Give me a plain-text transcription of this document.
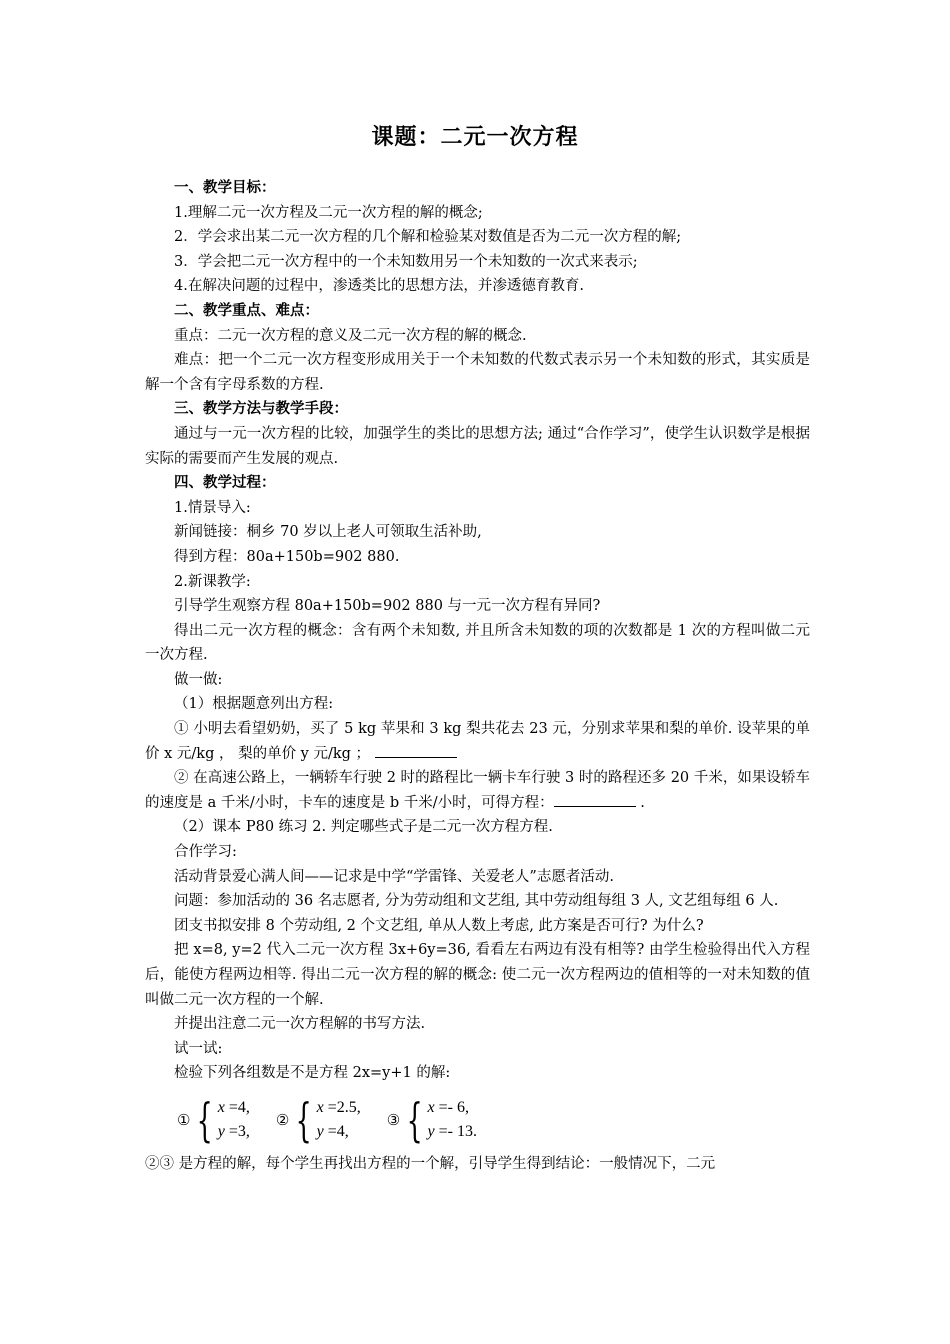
课题：二元一次方程

一、教学目标：

1.理解二元一次方程及二元一次方程的解的概念;

2．学会求出某二元一次方程的几个解和检验某对数值是否为二元一次方程的解;

3．学会把二元一次方程中的一个未知数用另一个未知数的一次式来表示;

4.在解决问题的过程中，渗透类比的思想方法，并渗透德育教育.

二、教学重点、难点：

重点：二元一次方程的意义及二元一次方程的解的概念.

难点：把一个二元一次方程变形成用关于一个未知数的代数式表示另一个未知数的形式，其实质是解一个含有字母系数的方程.

三、教学方法与教学手段：

通过与一元一次方程的比较，加强学生的类比的思想方法; 通过“合作学习”，使学生认识数学是根据实际的需要而产生发展的观点.

四、教学过程：

1.情景导入:

新闻链接：桐乡 70 岁以上老人可领取生活补助,

得到方程：80a+150b=902 880.

2.新课教学:

引导学生观察方程 80a+150b=902 880 与一元一次方程有异同?

得出二元一次方程的概念：含有两个未知数, 并且所含未知数的项的次数都是 1 次的方程叫做二元一次方程.

做一做:

（1）根据题意列出方程:

① 小明去看望奶奶，买了 5 kg 苹果和 3 kg 梨共花去 23 元，分别求苹果和梨的单价. 设苹果的单价 x 元/kg ， 梨的单价 y 元/kg ；

② 在高速公路上，一辆轿车行驶 2 时的路程比一辆卡车行驶 3 时的路程还多 20 千米，如果设轿车的速度是 a 千米/小时，卡车的速度是 b 千米/小时，可得方程：	.

（2）课本 P80 练习 2. 判定哪些式子是二元一次方程方程.

合作学习:

活动背景爱心满人间——记求是中学“学雷锋、关爱老人”志愿者活动.

问题：参加活动的 36 名志愿者, 分为劳动组和文艺组, 其中劳动组每组 3 人, 文艺组每组 6 人.

团支书拟安排 8 个劳动组, 2 个文艺组, 单从人数上考虑, 此方案是否可行? 为什么?

把 x=8, y=2 代入二元一次方程 3x+6y=36, 看看左右两边有没有相等? 由学生检验得出代入方程后，能使方程两边相等. 得出二元一次方程的解的概念: 使二元一次方程两边的值相等的一对未知数的值叫做二元一次方程的一个解.

并提出注意二元一次方程解的书写方法.

试一试:

检验下列各组数是不是方程 2x=y+1 的解:

① { x =4,
y =3,
② { x =2.5,
y =4,
③ { x =- 6,
y =- 13.

②③ 是方程的解，每个学生再找出方程的一个解，引导学生得到结论：一般情况下，二元
